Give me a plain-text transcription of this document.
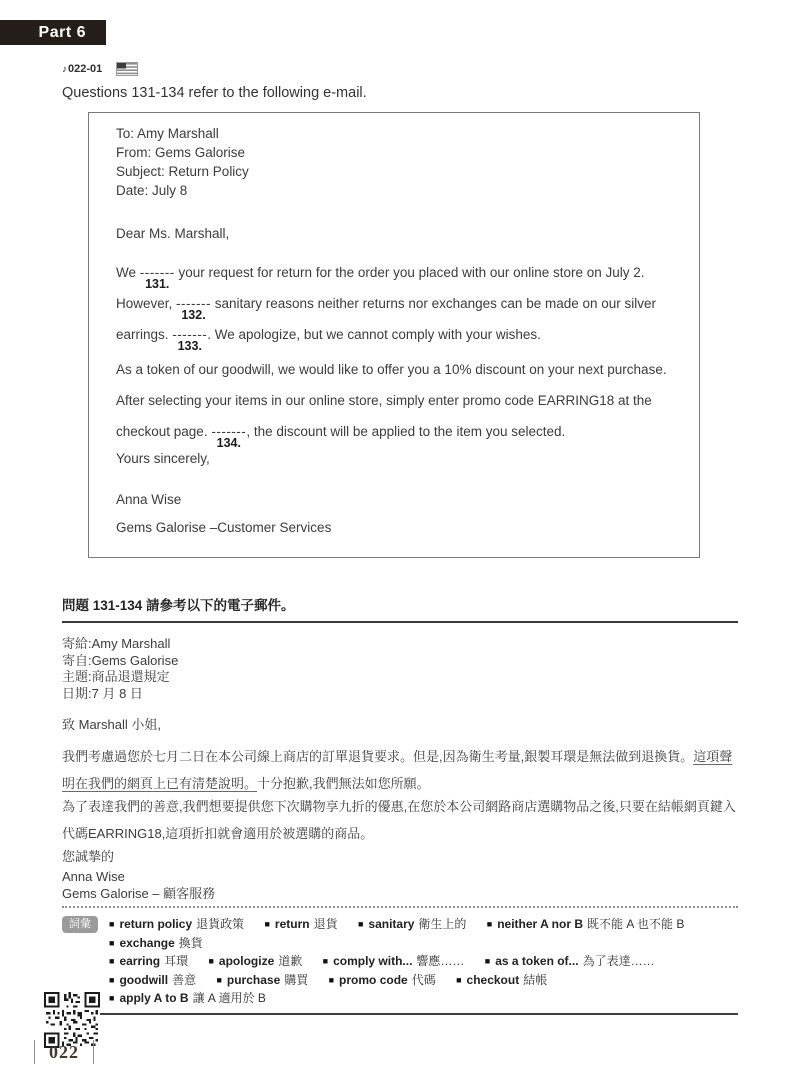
Part 6
♪ 022-01
Questions 131-134 refer to the following e-mail.
To: Amy Marshall
From: Gems Galorise
Subject: Return Policy
Date: July 8
Dear Ms. Marshall,

We -------
131.
your request for return for the order you placed with our online store on July 2. However, -------
132.
sanitary reasons neither returns nor exchanges can be made on our silver earrings. -------
133.
. We apologize, but we cannot comply with your wishes.

As a token of our goodwill, we would like to offer you a 10% discount on your next purchase. After selecting your items in our online store, simply enter promo code EARRING18 at the checkout page. -------
134.
, the discount will be applied to the item you selected.

Yours sincerely,
Anna Wise
Gems Galorise –Customer Services
問題 131-134 請參考以下的電子郵件。
寄給:Amy Marshall
寄自:Gems Galorise
主題:商品退還規定
日期:7 月 8 日
致 Marshall 小姐,

我們考慮過您於七月二日在本公司線上商店的訂單退貨要求。但是,因為衛生考量,銀製耳環是無法做到退換貨。這項聲明在我們的網頁上已有清楚說明。十分抱歉,我們無法如您所願。

為了表達我們的善意,我們想要提供您下次購物享九折的優惠,在您於本公司網路商店選購物品之後,只要在結帳網頁鍵入代碼EARRING18,這項折扣就會適用於被選購的商品。

您誠摯的
Anna Wise
Gems Galorise – 顧客服務
詞彙	■ return policy 退貨政策 ■ return 退貨 ■ sanitary 衛生上的 ■ neither A nor B 既不能 A 也不能 B ■ exchange 換貨
■ earring 耳環 ■ apologize 道歉 ■ comply with... 響應…… ■ as a token of... 為了表達……
■ goodwill 善意 ■ purchase 購買 ■ promo code 代碼 ■ checkout 結帳 ■ apply A to B 讓 A 適用於 B
022
